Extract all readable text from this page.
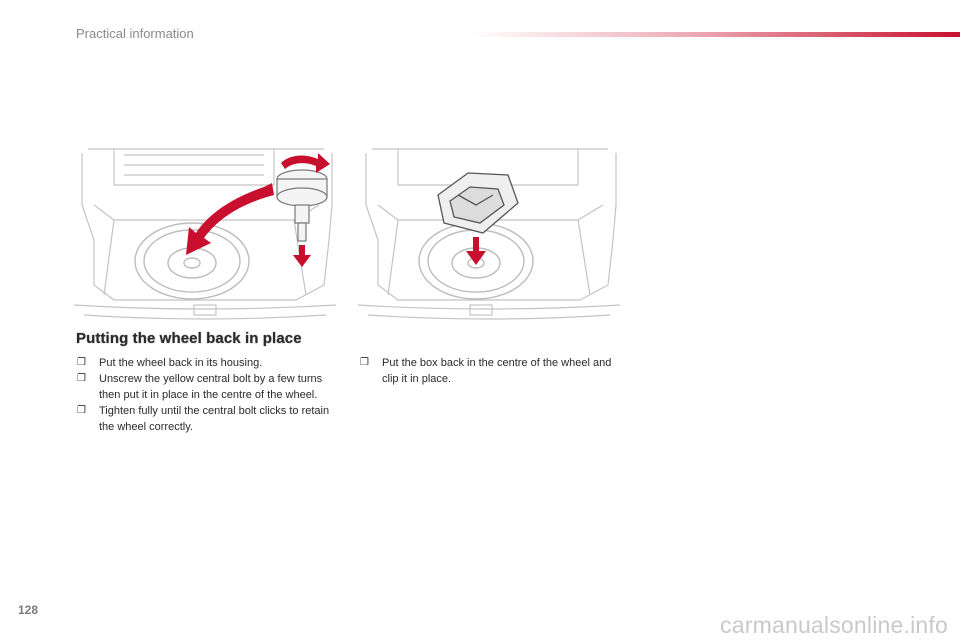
Practical information
Putting the wheel back in place
❒ Put the wheel back in its housing.
❒ Unscrew the yellow central bolt by a few turns then put it in place in the centre of the wheel.
❒ Tighten fully until the central bolt clicks to retain the wheel correctly.
❒ Put the box back in the centre of the wheel and clip it in place.
128
carmanualsonline.info
